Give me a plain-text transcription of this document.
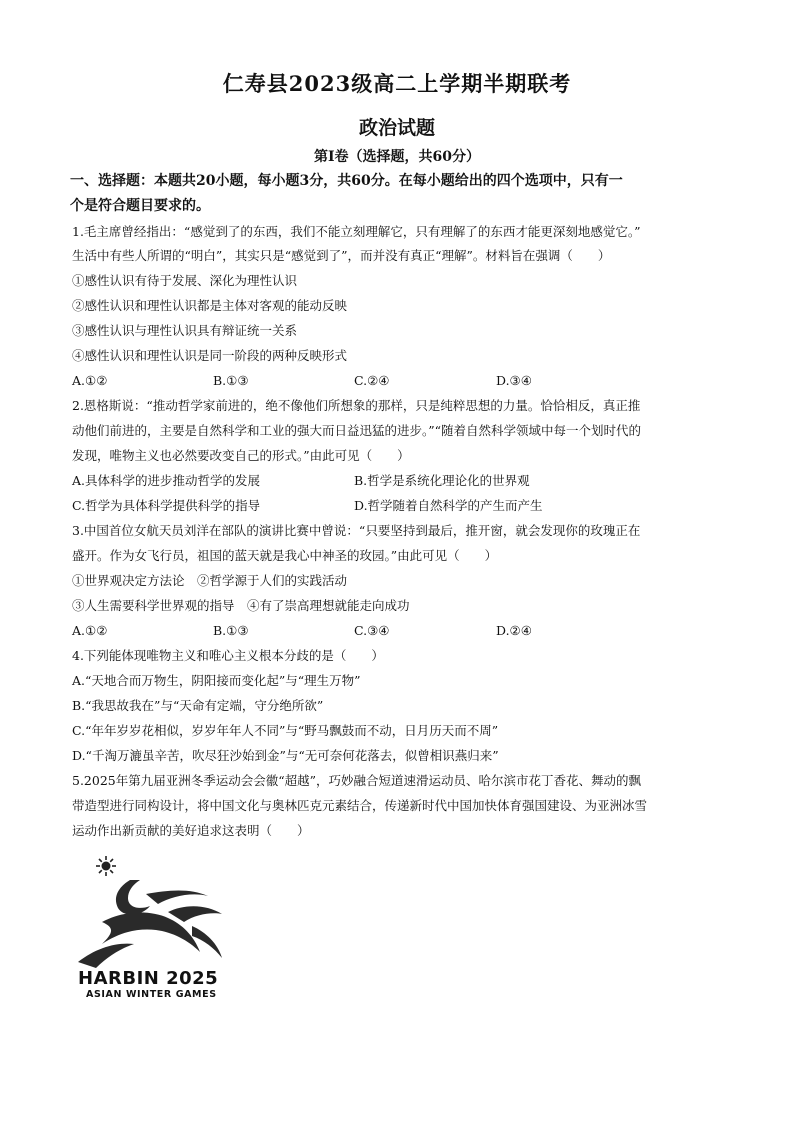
仁寿县2023级高二上学期半期联考
政治试题
第Ⅰ卷（选择题，共60分）
一、选择题：本题共20小题，每小题3分，共60分。在每小题给出的四个选项中，只有一
个是符合题目要求的。
1.毛主席曾经指出：“感觉到了的东西，我们不能立刻理解它，只有理解了的东西才能更深刻地感觉它。”
生活中有些人所谓的“明白”，其实只是“感觉到了”，而并没有真正“理解”。材料旨在强调（　　）
①感性认识有待于发展、深化为理性认识
②感性认识和理性认识都是主体对客观的能动反映
③感性认识与理性认识具有辩证统一关系
④感性认识和理性认识是同一阶段的两种反映形式
A.①②	B.①③	C.②④	D.③④
2.恩格斯说：“推动哲学家前进的，绝不像他们所想象的那样，只是纯粹思想的力量。恰恰相反，真正推
动他们前进的，主要是自然科学和工业的强大而日益迅猛的进步。”“随着自然科学领域中每一个划时代的
发现，唯物主义也必然要改变自己的形式。”由此可见（　　）
A.具体科学的进步推动哲学的发展	B.哲学是系统化理论化的世界观
C.哲学为具体科学提供科学的指导	D.哲学随着自然科学的产生而产生
3.中国首位女航天员刘洋在部队的演讲比赛中曾说：“只要坚持到最后，推开窗，就会发现你的玫瑰正在
盛开。作为女飞行员，祖国的蓝天就是我心中神圣的玫园。”由此可见（　　）
①世界观决定方法论　②哲学源于人们的实践活动
③人生需要科学世界观的指导　④有了崇高理想就能走向成功
A.①②	B.①③	C.③④	D.②④
4.下列能体现唯物主义和唯心主义根本分歧的是（　　）
A.“天地合而万物生，阴阳接而变化起”与“理生万物”
B.“我思故我在”与“天命有定端，守分绝所欲”
C.“年年岁岁花相似，岁岁年年人不同”与“野马飘鼓而不动，日月历天而不周”
D.“千淘万漉虽辛苦，吹尽狂沙始到金”与“无可奈何花落去，似曾相识燕归来”
5.2025年第九届亚洲冬季运动会会徽“超越”，巧妙融合短道速滑运动员、哈尔滨市花丁香花、舞动的飘
带造型进行同构设计，将中国文化与奥林匹克元素结合，传递新时代中国加快体育强国建设、为亚洲冰雪
运动作出新贡献的美好追求这表明（　　）
HARBIN 2025
ASIAN WINTER GAMES
